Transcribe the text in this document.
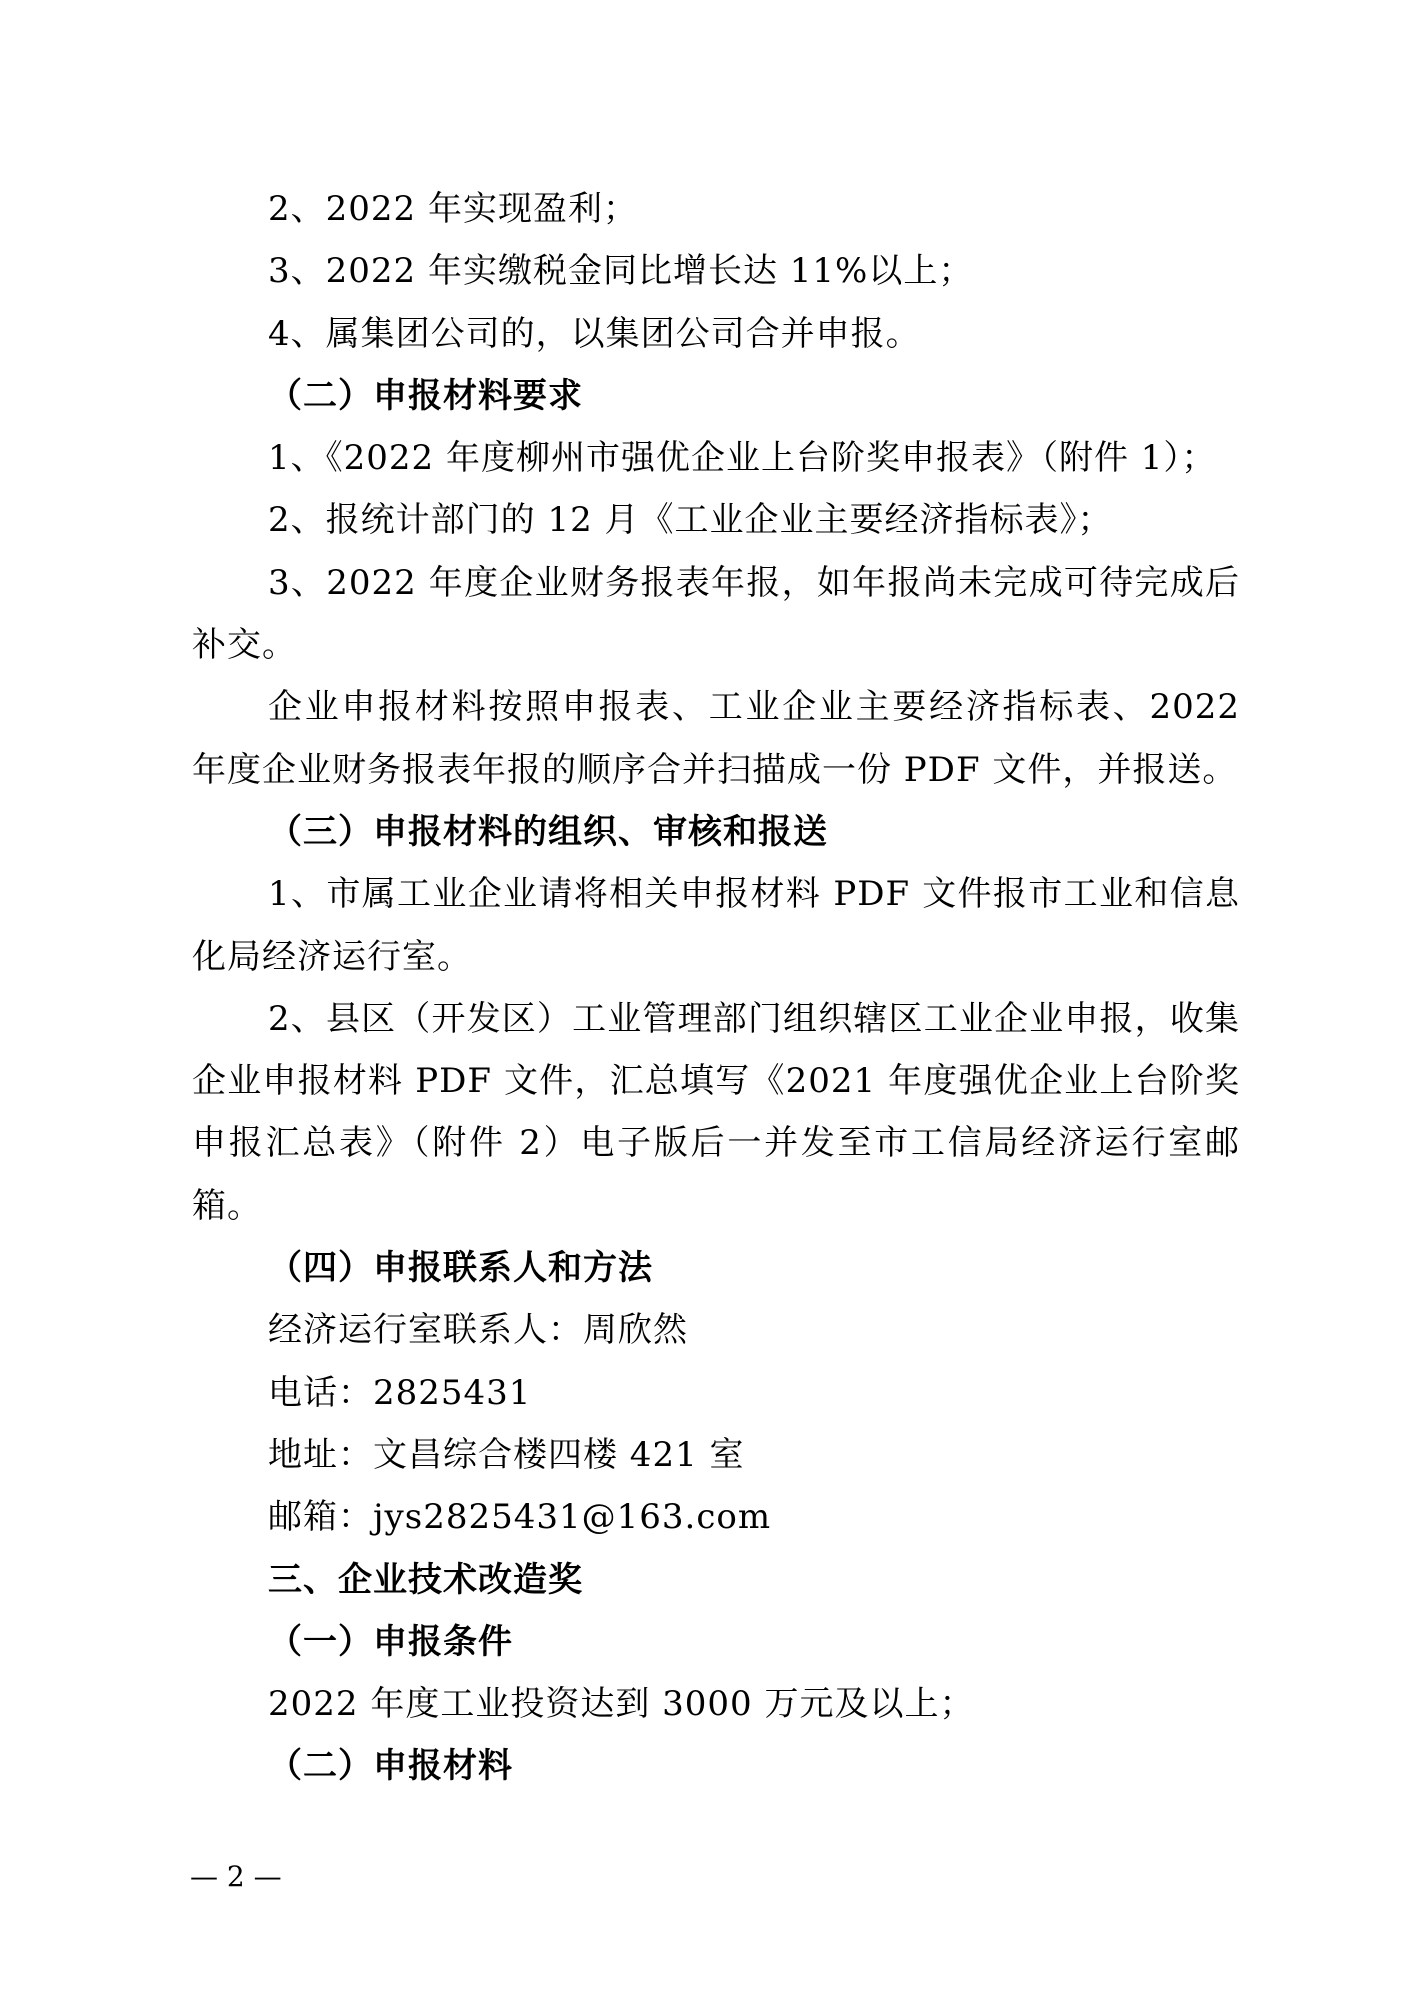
2、2022 年实现盈利；

3、2022 年实缴税金同比增长达 11%以上；

4、属集团公司的，以集团公司合并申报。

（二）申报材料要求

1、《2022 年度柳州市强优企业上台阶奖申报表》（附件 1）；

2、报统计部门的 12 月《工业企业主要经济指标表》；

3、2022 年度企业财务报表年报，如年报尚未完成可待完成后补交。

企业申报材料按照申报表、工业企业主要经济指标表、2022 年度企业财务报表年报的顺序合并扫描成一份 PDF 文件，并报送。

（三）申报材料的组织、审核和报送

1、市属工业企业请将相关申报材料 PDF 文件报市工业和信息化局经济运行室。

2、县区（开发区）工业管理部门组织辖区工业企业申报，收集企业申报材料 PDF 文件，汇总填写《2021 年度强优企业上台阶奖申报汇总表》（附件 2）电子版后一并发至市工信局经济运行室邮箱。

（四）申报联系人和方法

经济运行室联系人：周欣然

电话：2825431

地址：文昌综合楼四楼 421 室

邮箱：jys2825431@163.com

三、企业技术改造奖

（一）申报条件

2022 年度工业投资达到 3000 万元及以上；

（二）申报材料

— 2 —
